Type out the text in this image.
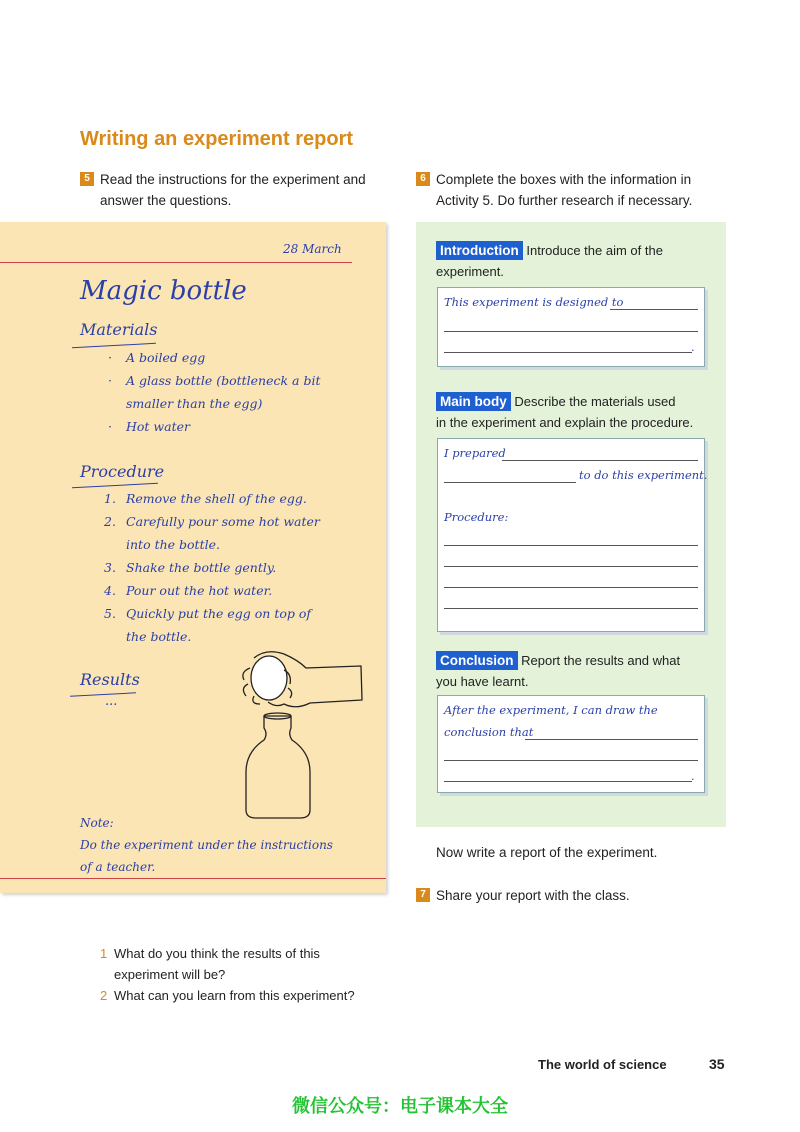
Writing an experiment report
5 Read the instructions for the experiment and
answer the questions.
6 Complete the boxes with the information in
Activity 5. Do further research if necessary.
28 March
Magic bottle
Materials
· A boiled egg
· A glass bottle (bottleneck a bit
smaller than the egg)
· Hot water
Procedure
1. Remove the shell of the egg.
2. Carefully pour some hot water
into the bottle.
3. Shake the bottle gently.
4. Pour out the hot water.
5. Quickly put the egg on top of
the bottle.
Results
...
Note:
Do the experiment under the instructions
of a teacher.
Introduction Introduce the aim of the
experiment.
This experiment is designed to
.
Main body Describe the materials used
in the experiment and explain the procedure.
I prepared
to do this experiment.
Procedure:
Conclusion Report the results and what
you have learnt.
After the experiment, I can draw the
conclusion that
.
Now write a report of the experiment.
7 Share your report with the class.
1 What do you think the results of this
experiment will be?
2 What can you learn from this experiment?
The world of science	35
微信公众号：电子课本大全
